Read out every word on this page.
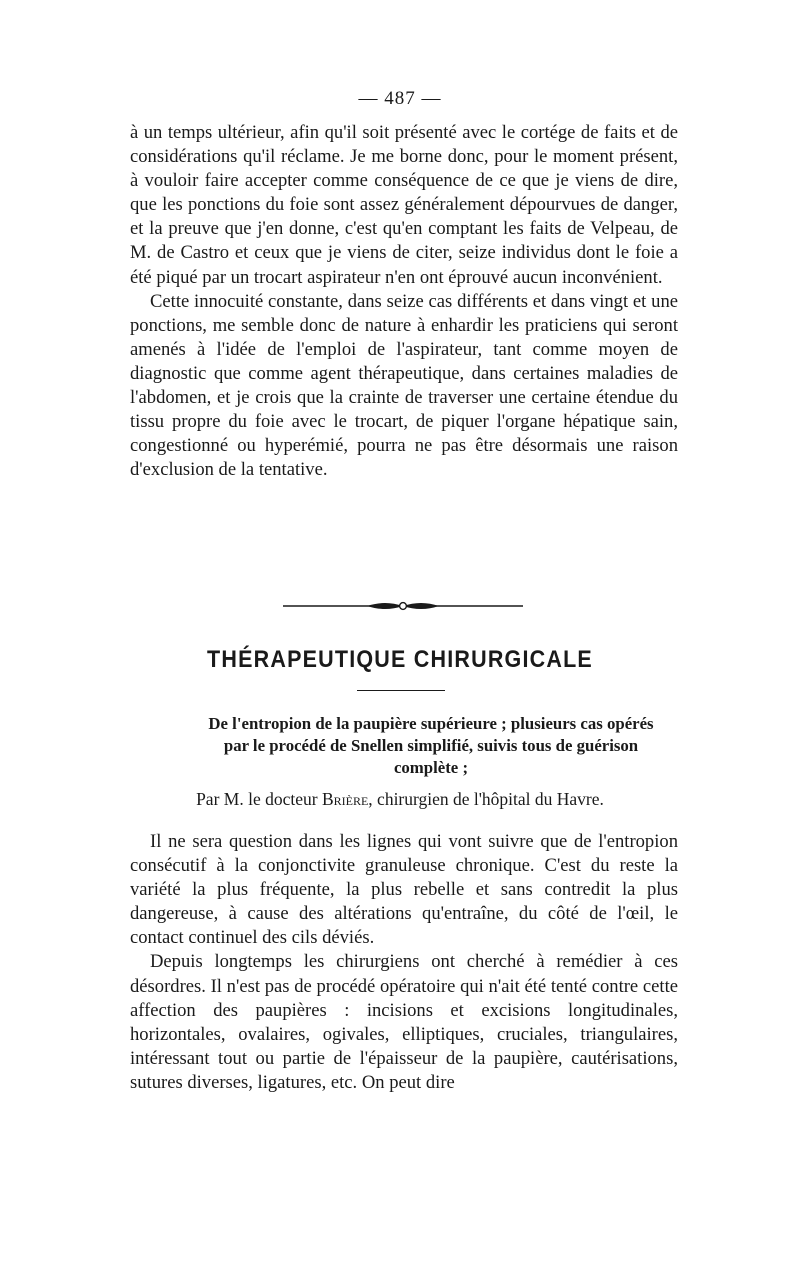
— 487 —

à un temps ultérieur, afin qu'il soit présenté avec le cortége de faits et de considérations qu'il réclame. Je me borne donc, pour le moment présent, à vouloir faire accepter comme conséquence de ce que je viens de dire, que les ponctions du foie sont assez généralement dépourvues de danger, et la preuve que j'en donne, c'est qu'en comptant les faits de Velpeau, de M. de Castro et ceux que je viens de citer, seize individus dont le foie a été piqué par un trocart aspirateur n'en ont éprouvé aucun inconvénient.

Cette innocuité constante, dans seize cas différents et dans vingt et une ponctions, me semble donc de nature à enhardir les praticiens qui seront amenés à l'idée de l'emploi de l'aspirateur, tant comme moyen de diagnostic que comme agent thérapeutique, dans certaines maladies de l'abdomen, et je crois que la crainte de traverser une certaine étendue du tissu propre du foie avec le trocart, de piquer l'organe hépatique sain, congestionné ou hyperémié, pourra ne pas être désormais une raison d'exclusion de la tentative.

THÉRAPEUTIQUE CHIRURGICALE
De l'entropion de la paupière supérieure ; plusieurs cas opérés par le procédé de Snellen simplifié, suivis tous de guérison complète ;
Par M. le docteur Brière, chirurgien de l'hôpital du Havre.

Il ne sera question dans les lignes qui vont suivre que de l'entropion consécutif à la conjonctivite granuleuse chronique. C'est du reste la variété la plus fréquente, la plus rebelle et sans contredit la plus dangereuse, à cause des altérations qu'entraîne, du côté de l'œil, le contact continuel des cils déviés.

Depuis longtemps les chirurgiens ont cherché à remédier à ces désordres. Il n'est pas de procédé opératoire qui n'ait été tenté contre cette affection des paupières : incisions et excisions longitudinales, horizontales, ovalaires, ogivales, elliptiques, cruciales, triangulaires, intéressant tout ou partie de l'épaisseur de la paupière, cautérisations, sutures diverses, ligatures, etc. On peut dire
